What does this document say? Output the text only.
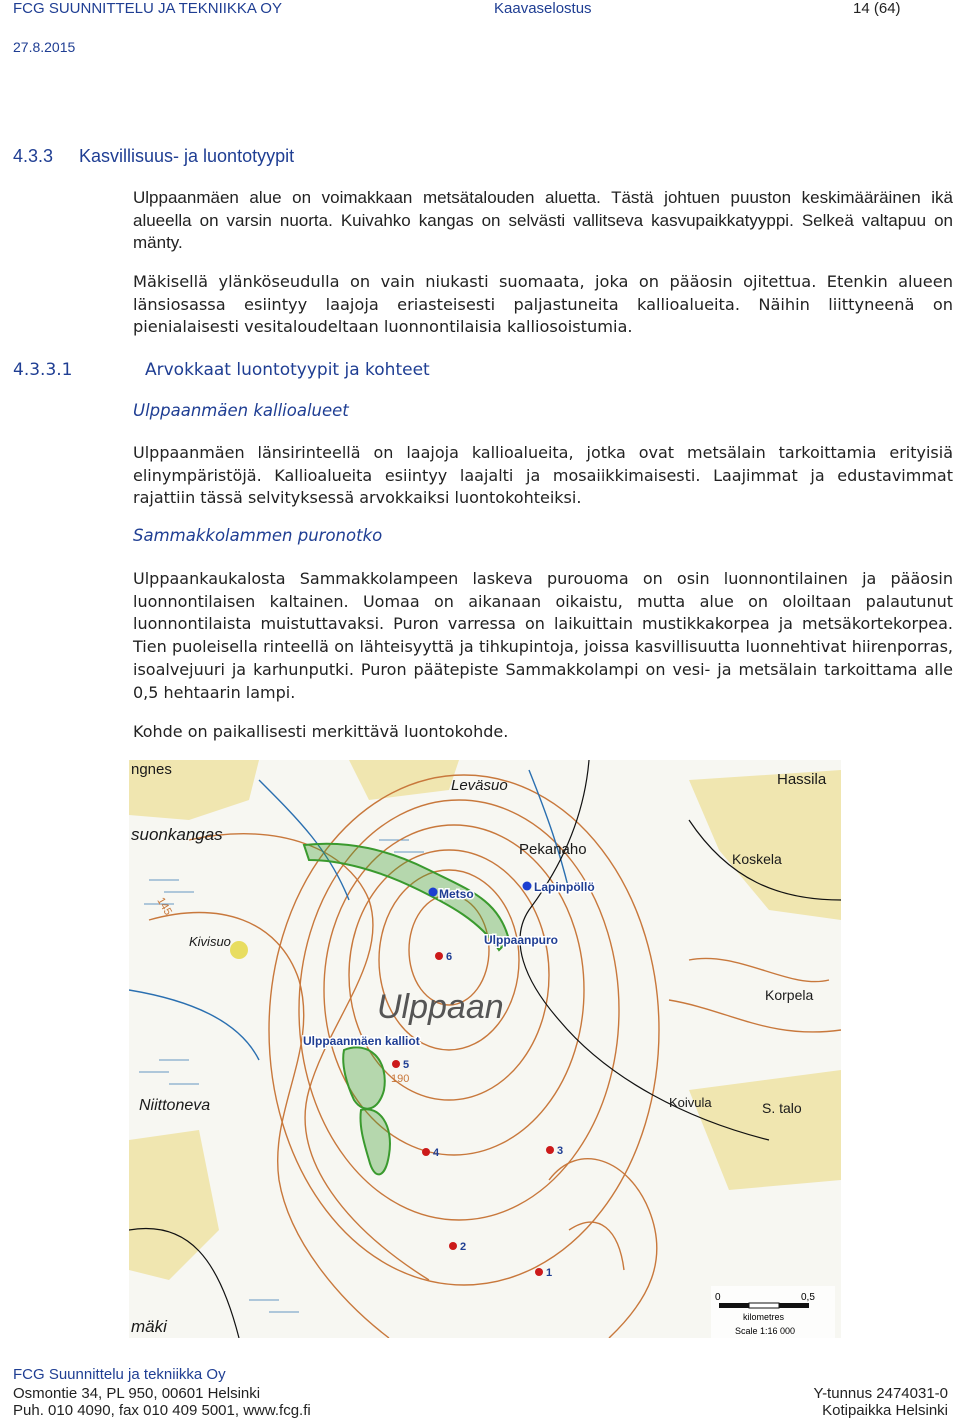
FCG SUUNNITTELU JA TEKNIIKKA OY	Kaavaselostus	14 (64)
27.8.2015
4.3.3 Kasvillisuus- ja luontotyypit

Ulppaanmäen alue on voimakkaan metsätalouden aluetta. Tästä johtuen puuston keskimääräinen ikä alueella on varsin nuorta. Kuivahko kangas on selvästi vallitseva kasvupaikkatyyppi. Selkeä valtapuu on mänty.

Mäkisellä ylänköseudulla on vain niukasti suomaata, joka on pääosin ojitettua. Etenkin alueen länsiosassa esiintyy laajoja eriasteisesti paljastuneita kallioalueita. Näihin liittyneenä on pienialaisesti vesitaloudeltaan luonnontilaisia kalliosoistumia.

4.3.3.1	Arvokkaat luontotyypit ja kohteet
Ulppaanmäen kallioalueet

Ulppaanmäen länsirinteellä on laajoja kallioalueita, jotka ovat metsälain tarkoittamia erityisiä elinympäristöjä. Kallioalueita esiintyy laajalti ja mosaiikkimaisesti. Laajimmat ja edustavimmat rajattiin tässä selvityksessä arvokkaiksi luontokohteiksi.

Sammakkolammen puronotko

Ulppaankaukalosta Sammakkolampeen laskeva purouoma on osin luonnontilainen ja pääosin luonnontilaisen kaltainen. Uomaa on aikanaan oikaistu, mutta alue on oloiltaan palautunut luonnontilaista muistuttavaksi. Puron varressa on laikuittain mustikkakorpea ja metsäkortekorpea. Tien puoleisella rinteellä on lähteisyyttä ja tihkupintoja, joissa kasvillisuutta luonnehtivat hiirenporras, isoalvejuuri ja karhunputki. Puron päätepiste Sammakkolampi on vesi- ja metsälain tarkoittama alle 0,5 hehtaarin lampi.

Kohde on paikallisesti merkittävä luontokohde.

ngnes
Leväsuo	Hassila
suonkangas
Pekanaho
Koskela
Kivisuo
Korpela
Ulppaan
Niittoneva	Koivula	S. talo
mäki
145
190
Metso	Lapinpöllö
Ulppaanpuro
Ulppaanmäen kalliot
6
5
4	3
2
1
0	0,5
kilometres
Scale 1:16 000
FCG Suunnittelu ja tekniikka Oy
Osmontie 34, PL 950, 00601 Helsinki
Puh. 010 4090, fax 010 409 5001, www.fcg.fi
Y-tunnus 2474031-0
Kotipaikka Helsinki
